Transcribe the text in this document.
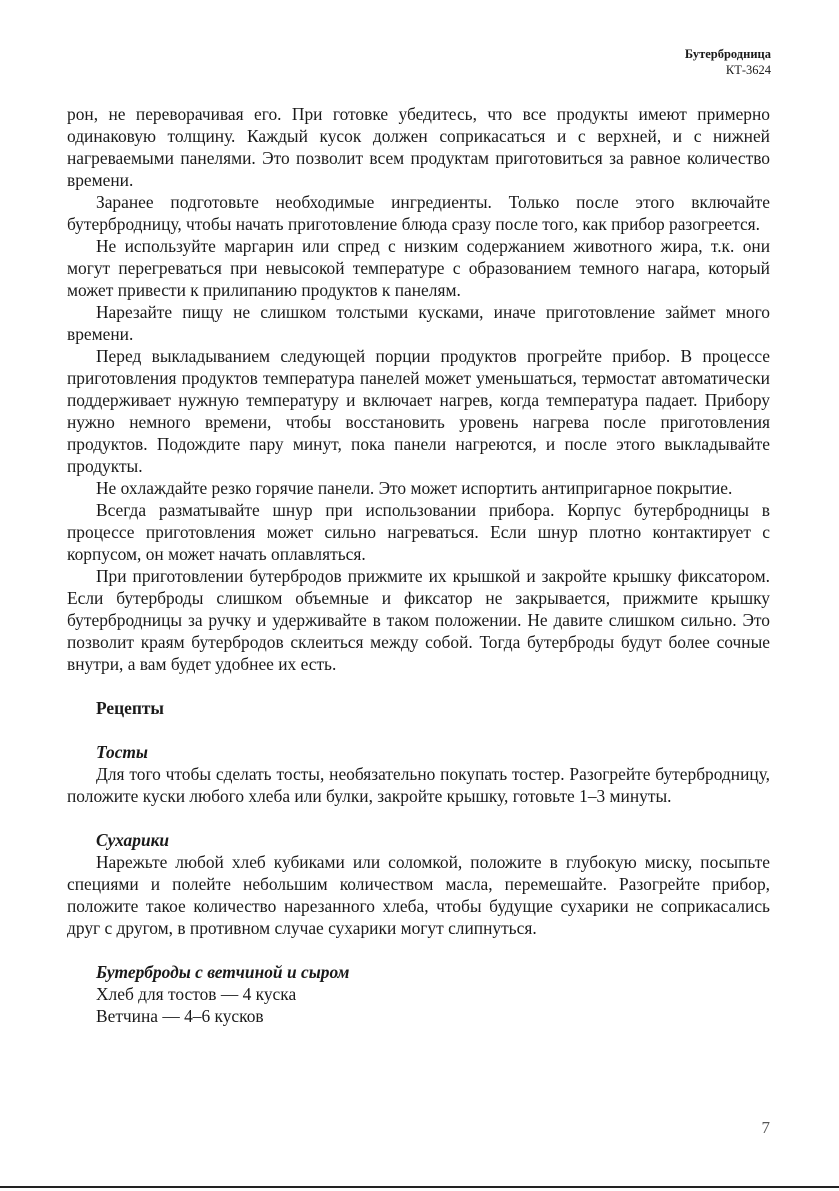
Бутербродница
КТ-3624

рон, не переворачивая его. При готовке убедитесь, что все продукты имеют примерно одинаковую толщину. Каждый кусок должен соприкасаться и с верхней, и с нижней нагреваемыми панелями. Это позволит всем продуктам приготовиться за равное количество времени.

Заранее подготовьте необходимые ингредиенты. Только после этого включайте бутербродницу, чтобы начать приготовление блюда сразу после того, как прибор разогреется.

Не используйте маргарин или спред с низким содержанием животного жира, т.к. они могут перегреваться при невысокой температуре с образованием темного нагара, который может привести к прилипанию продуктов к панелям.

Нарезайте пищу не слишком толстыми кусками, иначе приготовление займет много времени.

Перед выкладыванием следующей порции продуктов прогрейте прибор. В процессе приготовления продуктов температура панелей может уменьшаться, термостат автоматически поддерживает нужную температуру и включает нагрев, когда температура падает. Прибору нужно немного времени, чтобы восстановить уровень нагрева после приготовления продуктов. Подождите пару минут, пока панели нагреются, и после этого выкладывайте продукты.

Не охлаждайте резко горячие панели. Это может испортить антипригарное покрытие.

Всегда разматывайте шнур при использовании прибора. Корпус бутербродницы в процессе приготовления может сильно нагреваться. Если шнур плотно контактирует с корпусом, он может начать оплавляться.

При приготовлении бутербродов прижмите их крышкой и закройте крышку фиксатором. Если бутерброды слишком объемные и фиксатор не закрывается, прижмите крышку бутербродницы за ручку и удерживайте в таком положении. Не давите слишком сильно. Это позволит краям бутербродов склеиться между собой. Тогда бутерброды будут более сочные внутри, а вам будет удобнее их есть.

Рецепты
Тосты

Для того чтобы сделать тосты, необязательно покупать тостер. Разогрейте бутербродницу, положите куски любого хлеба или булки, закройте крышку, готовьте 1–3 минуты.

Сухарики

Нарежьте любой хлеб кубиками или соломкой, положите в глубокую миску, посыпьте специями и полейте небольшим количеством масла, перемешайте. Разогрейте прибор, положите такое количество нарезанного хлеба, чтобы будущие сухарики не соприкасались друг с другом, в противном случае сухарики могут слипнуться.

Бутерброды с ветчиной и сыром
Хлеб для тостов — 4 куска
Ветчина — 4–6 кусков
7
